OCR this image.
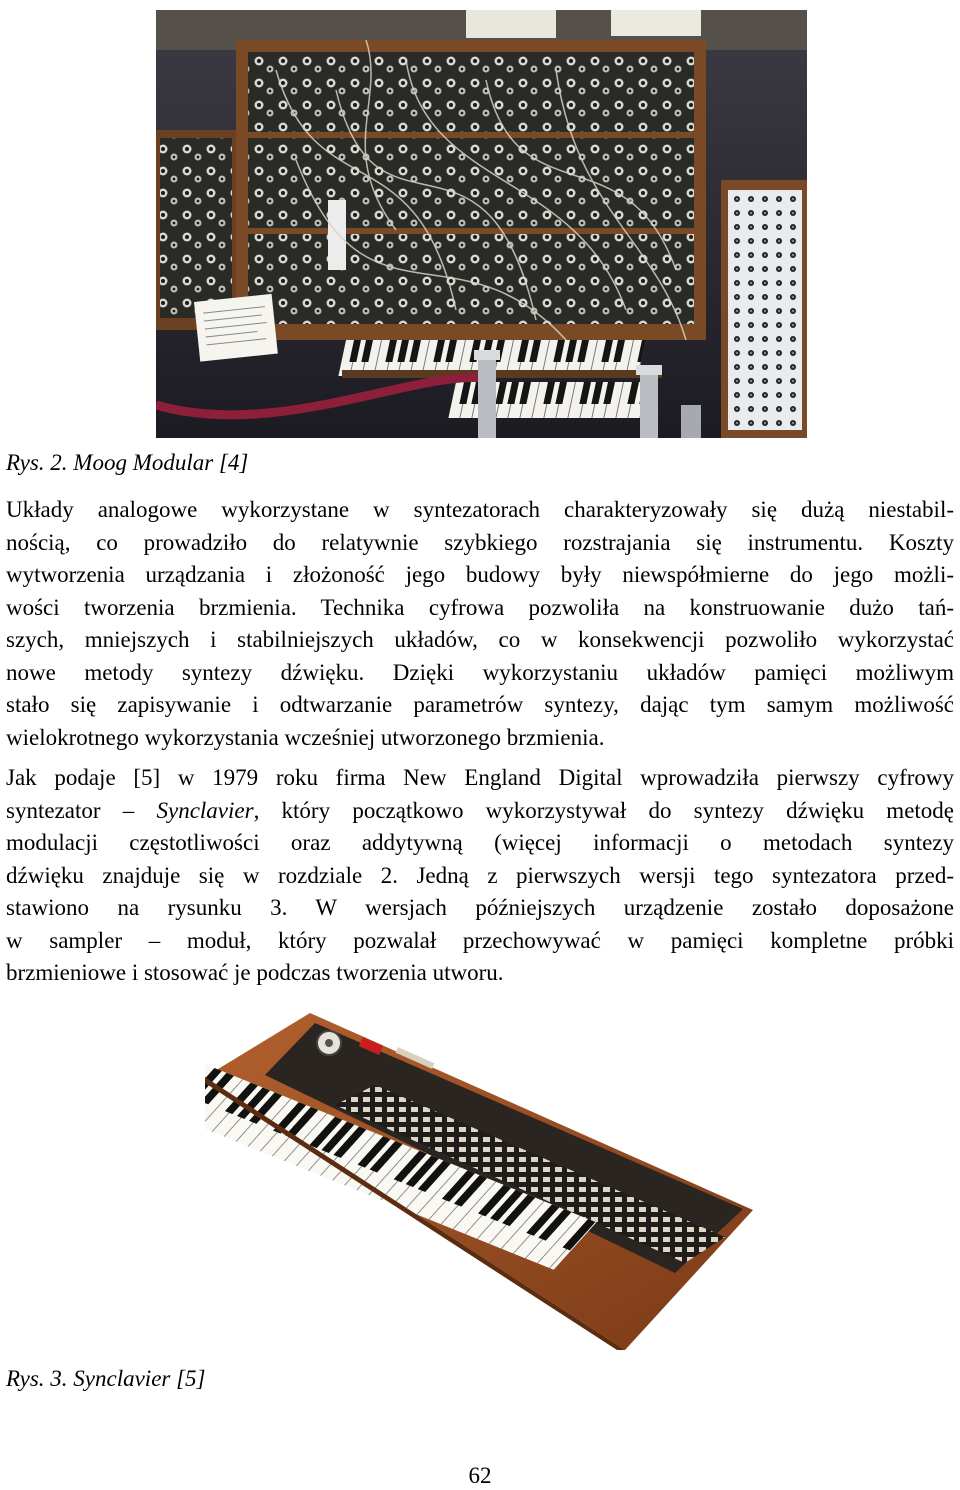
Rys. 2. Moog Modular [4]
Układy analogowe wykorzystane w syntezatorach charakteryzowały się dużą niestabil-
nością, co prowadziło do relatywnie szybkiego rozstrajania się instrumentu. Koszty
wytworzenia urządzania i złożoność jego budowy były niewspółmierne do jego możli-
wości tworzenia brzmienia. Technika cyfrowa pozwoliła na konstruowanie dużo tań-
szych, mniejszych i stabilniejszych układów, co w konsekwencji pozwoliło wykorzystać
nowe metody syntezy dźwięku. Dzięki wykorzystaniu układów pamięci możliwym
stało się zapisywanie i odtwarzanie parametrów syntezy, dając tym samym możliwość
wielokrotnego wykorzystania wcześniej utworzonego brzmienia.
Jak podaje [5] w 1979 roku firma New England Digital wprowadziła pierwszy cyfrowy
syntezator – Synclavier, który początkowo wykorzystywał do syntezy dźwięku metodę
modulacji częstotliwości oraz addytywną (więcej informacji o metodach syntezy
dźwięku znajduje się w rozdziale 2. Jedną z pierwszych wersji tego syntezatora przed-
stawiono na rysunku 3. W wersjach późniejszych urządzenie zostało doposażone
w sampler – moduł, który pozwalał przechowywać w pamięci kompletne próbki
brzmieniowe i stosować je podczas tworzenia utworu.
Rys. 3. Synclavier [5]
62
